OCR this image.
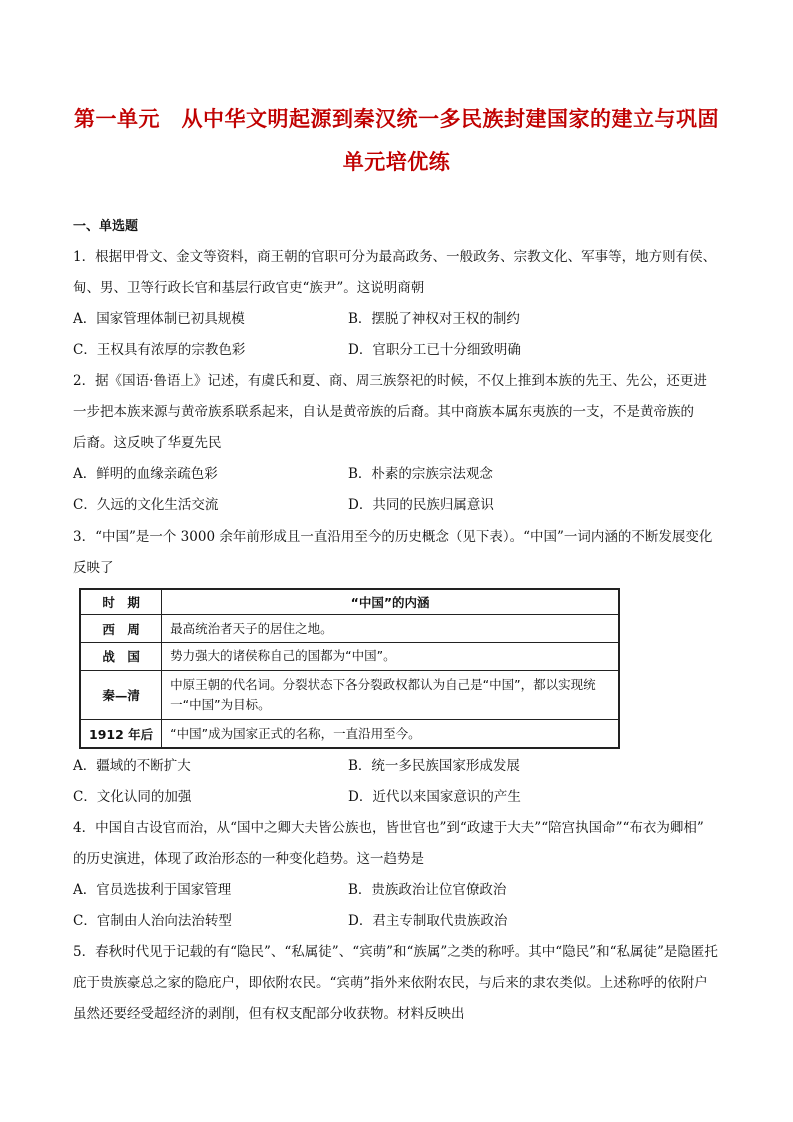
第一单元　从中华文明起源到秦汉统一多民族封建国家的建立与巩固
单元培优练
一、单选题
1．根据甲骨文、金文等资料，商王朝的官职可分为最高政务、一般政务、宗教文化、军事等，地方则有侯、
甸、男、卫等行政长官和基层行政官吏“族尹”。这说明商朝
A．国家管理体制已初具规模	B．摆脱了神权对王权的制约
C．王权具有浓厚的宗教色彩	D．官职分工已十分细致明确
2．据《国语·鲁语上》记述，有虞氏和夏、商、周三族祭祀的时候，不仅上推到本族的先王、先公，还更进
一步把本族来源与黄帝族系联系起来，自认是黄帝族的后裔。其中商族本属东夷族的一支，不是黄帝族的
后裔。这反映了华夏先民
A．鲜明的血缘亲疏色彩	B．朴素的宗族宗法观念
C．久远的文化生活交流	D．共同的民族归属意识
3．“中国”是一个 3000 余年前形成且一直沿用至今的历史概念（见下表）。“中国”一词内涵的不断发展变化
反映了
时　期	“中国”的内涵
西　周	最高统治者天子的居住之地。
战　国	势力强大的诸侯称自己的国都为“中国”。
秦—清	中原王朝的代名词。分裂状态下各分裂政权都认为自己是“中国”，都以实现统一“中国”为目标。
1912 年后	“中国”成为国家正式的名称，一直沿用至今。
A．疆域的不断扩大	B．统一多民族国家形成发展
C．文化认同的加强	D．近代以来国家意识的产生
4．中国自古设官而治，从“国中之卿大夫皆公族也，皆世官也”到“政逮于大夫”“陪宫执国命”“布衣为卿相”
的历史演进，体现了政治形态的一种变化趋势。这一趋势是
A．官员选拔利于国家管理	B．贵族政治让位官僚政治
C．官制由人治向法治转型	D．君主专制取代贵族政治
5．春秋时代见于记载的有“隐民”、“私属徒”、“宾萌”和“族属”之类的称呼。其中“隐民”和“私属徒”是隐匿托
庇于贵族豪总之家的隐庇户，即依附农民。“宾萌”指外来依附农民，与后来的隶农类似。上述称呼的依附户
虽然还要经受超经济的剥削，但有权支配部分收获物。材料反映出
